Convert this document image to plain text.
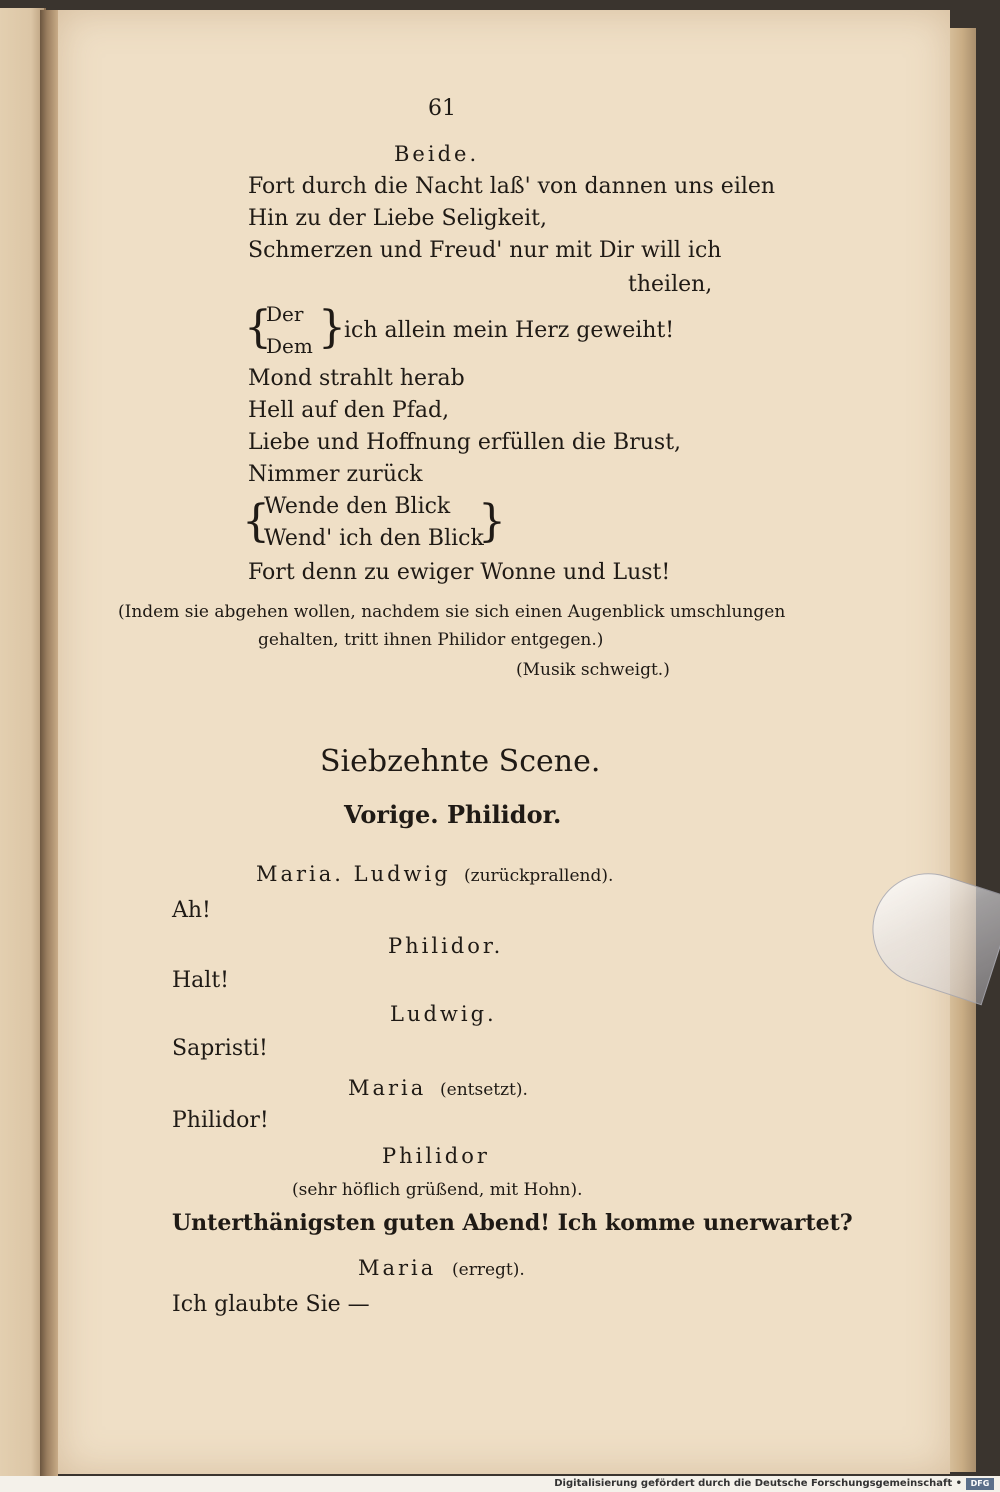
61
Beide.
Fort durch die Nacht laß' von dannen uns eilen
Hin zu der Liebe Seligkeit,
Schmerzen und Freud' nur mit Dir will ich
theilen,
{
Der
Dem }
ich allein mein Herz geweiht!
Mond strahlt herab
Hell auf den Pfad,
Liebe und Hoffnung erfüllen die Brust,
Nimmer zurück
{
Wende den Blick
Wend' ich den Blick
}
Fort denn zu ewiger Wonne und Lust!
(Indem sie abgehen wollen, nachdem sie sich einen Augenblick umschlungen
gehalten, tritt ihnen Philidor entgegen.)
(Musik schweigt.)
Siebzehnte Scene.
Vorige. Philidor.
Maria. Ludwig (zurückprallend).
Ah!
Philidor.
Halt!
Ludwig.
Sapristi!
Maria (entsetzt).
Philidor!
Philidor
(sehr höflich grüßend, mit Hohn).
Unterthänigsten guten Abend! Ich komme unerwartet?
Maria (erregt).
Ich glaubte Sie —
Digitalisierung gefördert durch die Deutsche Forschungsgemeinschaft •	DFG
